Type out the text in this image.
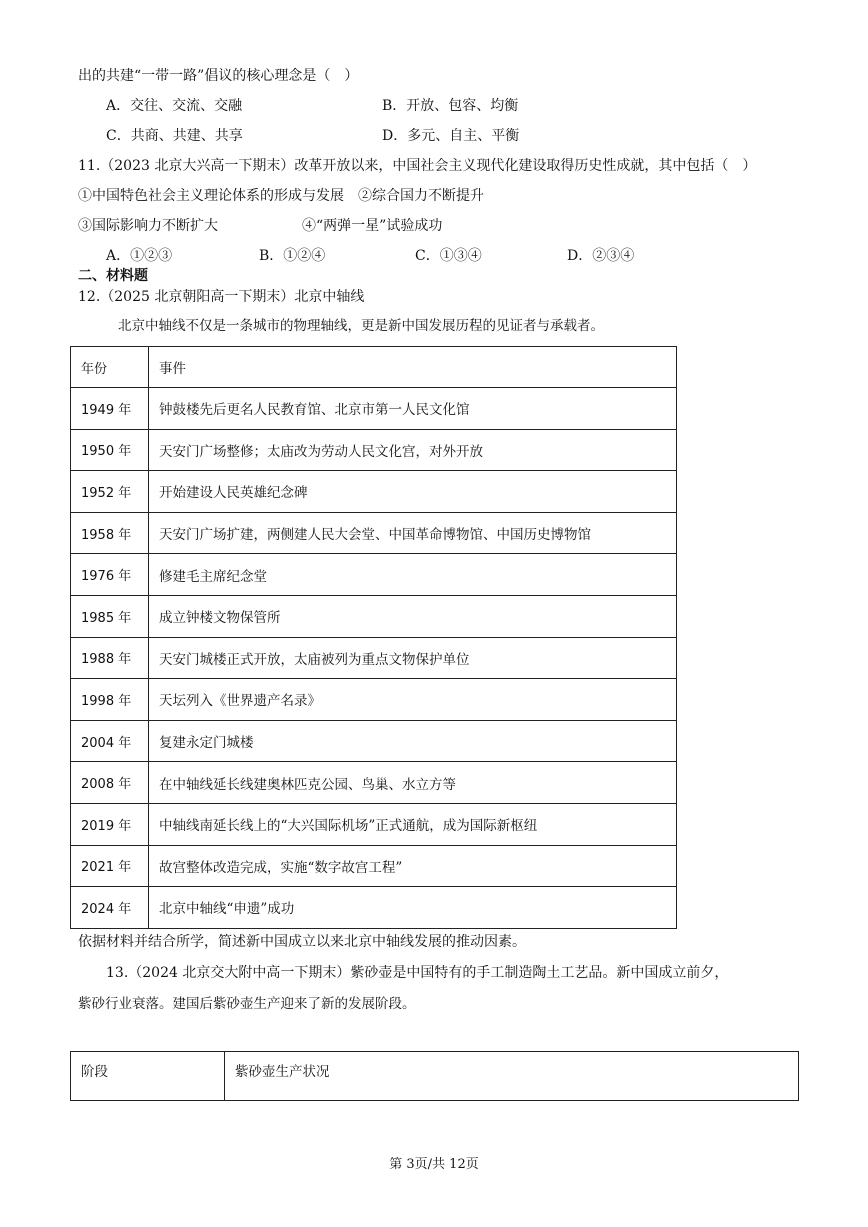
出的共建“一带一路”倡议的核心理念是（　）
A．交往、交流、交融	B．开放、包容、均衡
C．共商、共建、共享	D．多元、自主、平衡
11.（2023 北京大兴高一下期末）改革开放以来，中国社会主义现代化建设取得历史性成就，其中包括（　）
①中国特色社会主义理论体系的形成与发展　②综合国力不断提升
③国际影响力不断扩大	④“两弹一星”试验成功
A．①②③	B．①②④	C．①③④	D．②③④
二、材料题
12.（2025 北京朝阳高一下期末）北京中轴线
北京中轴线不仅是一条城市的物理轴线，更是新中国发展历程的见证者与承载者。
年份	事件
1949 年	钟鼓楼先后更名人民教育馆、北京市第一人民文化馆
1950 年	天安门广场整修；太庙改为劳动人民文化宫，对外开放
1952 年	开始建设人民英雄纪念碑
1958 年	天安门广场扩建，两侧建人民大会堂、中国革命博物馆、中国历史博物馆
1976 年	修建毛主席纪念堂
1985 年	成立钟楼文物保管所
1988 年	天安门城楼正式开放，太庙被列为重点文物保护单位
1998 年	天坛列入《世界遗产名录》
2004 年	复建永定门城楼
2008 年	在中轴线延长线建奥林匹克公园、鸟巢、水立方等
2019 年	中轴线南延长线上的“大兴国际机场”正式通航，成为国际新枢纽
2021 年	故宫整体改造完成，实施“数字故宫工程”
2024 年	北京中轴线“申遗”成功
依据材料并结合所学，简述新中国成立以来北京中轴线发展的推动因素。
13.（2024 北京交大附中高一下期末）紫砂壶是中国特有的手工制造陶土工艺品。新中国成立前夕，
紫砂行业衰落。建国后紫砂壶生产迎来了新的发展阶段。
阶段	紫砂壶生产状况
第 3页/共 12页
